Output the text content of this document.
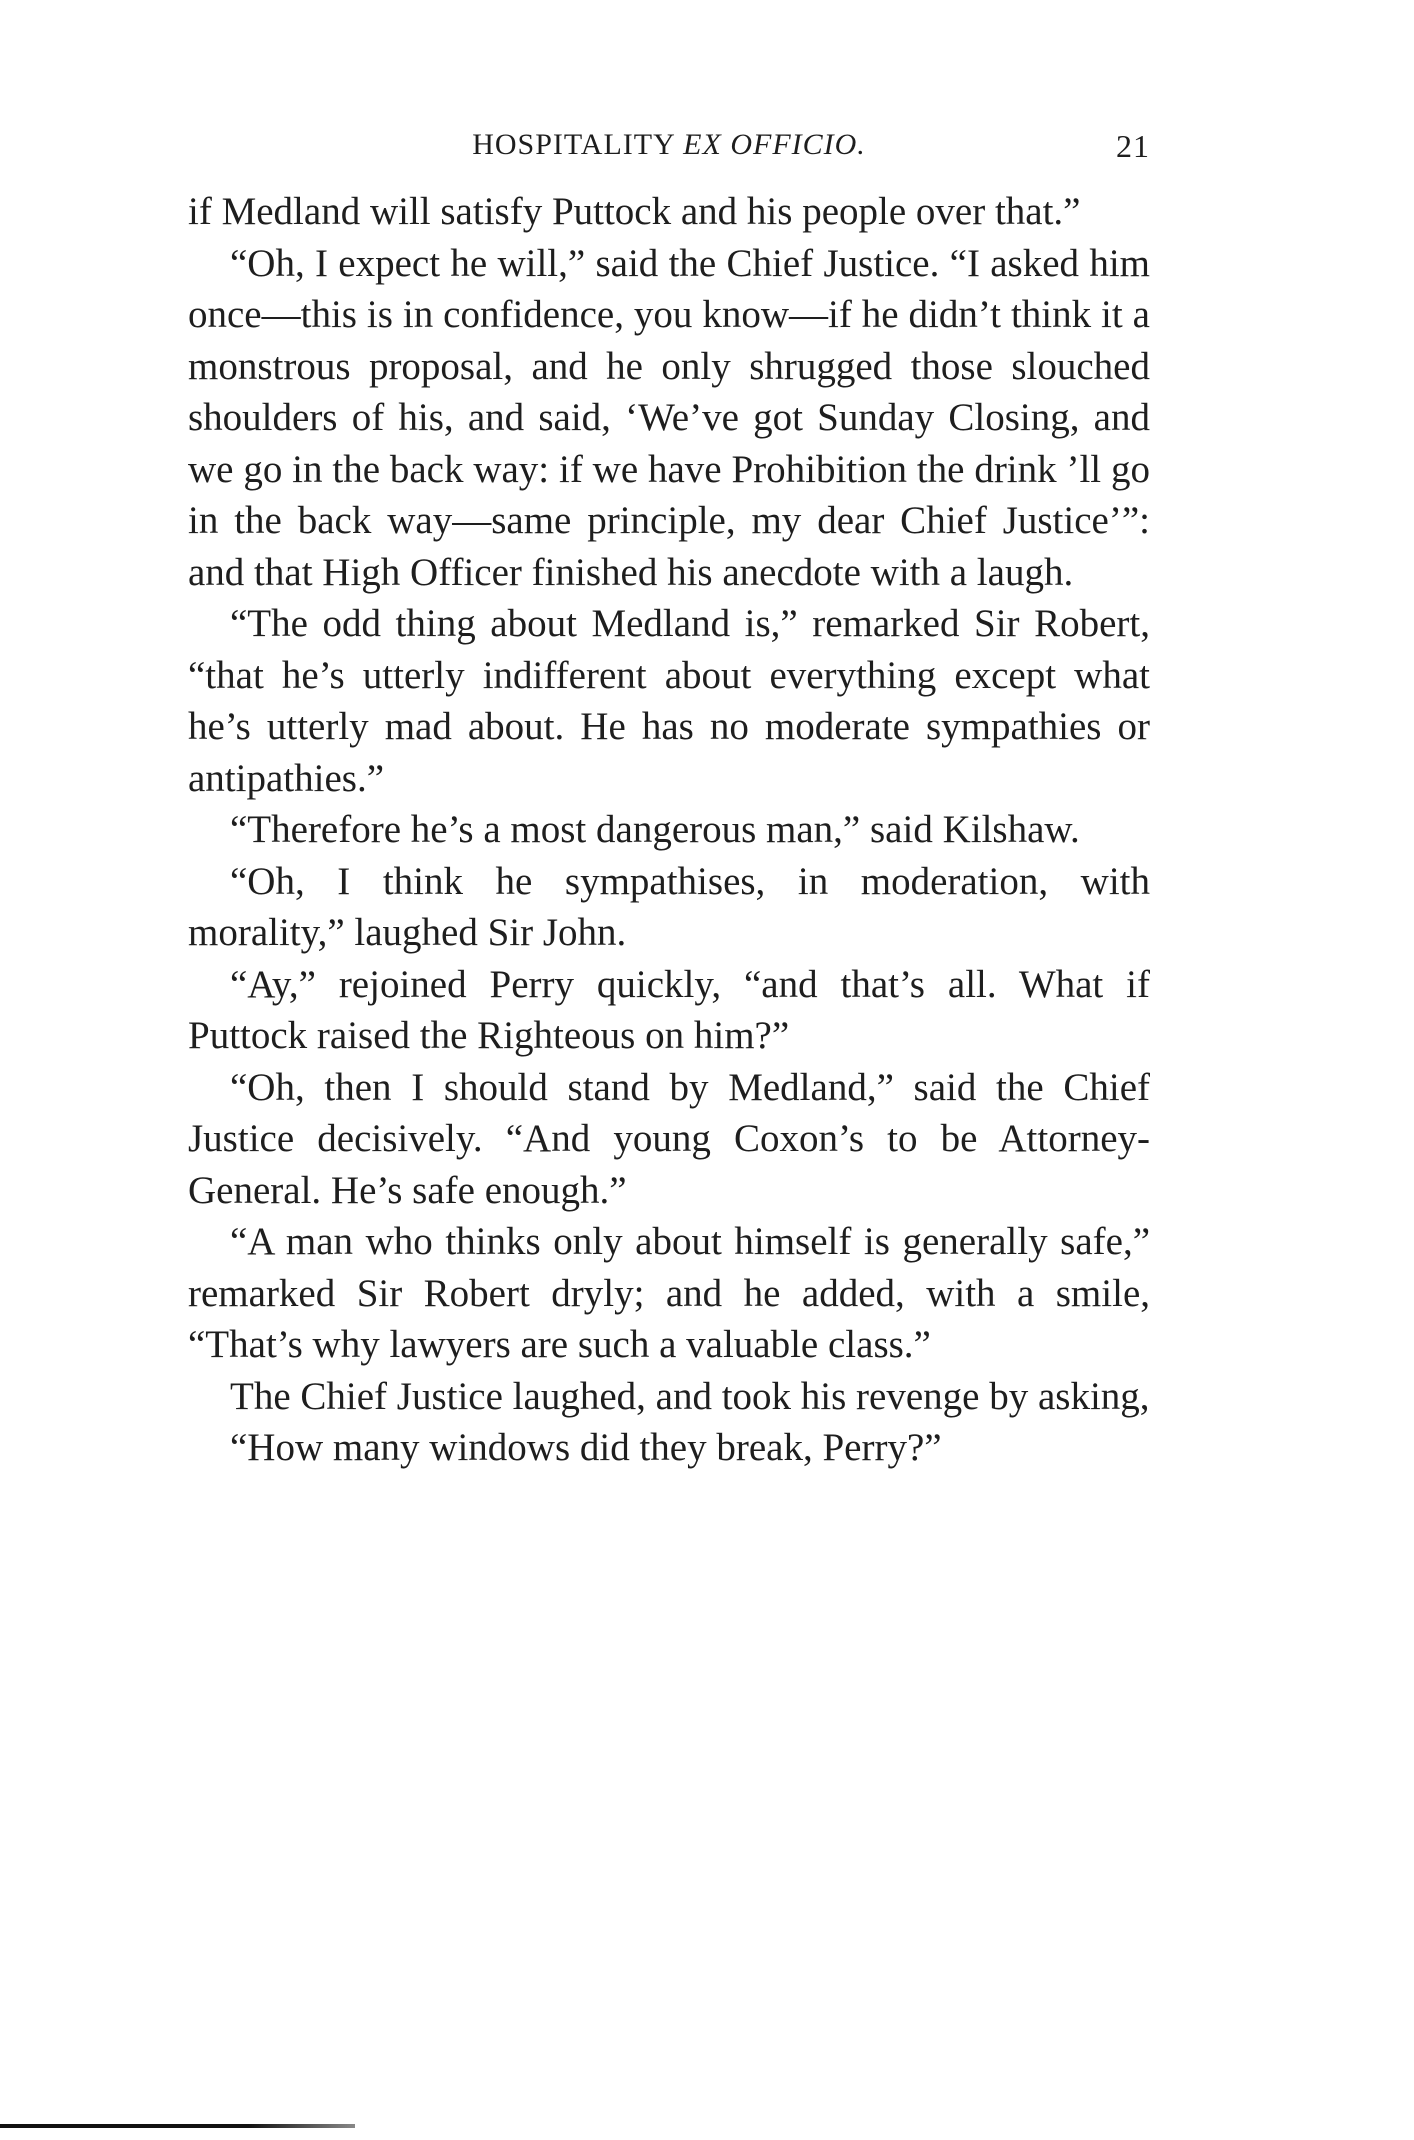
HOSPITALITY EX OFFICIO.	21

if Medland will satisfy Puttock and his people over that.”

“Oh, I expect he will,” said the Chief Justice. “I asked him once—this is in confidence, you know—if he didn’t think it a monstrous proposal, and he only shrugged those slouched shoulders of his, and said, ‘We’ve got Sunday Closing, and we go in the back way: if we have Prohibition the drink ’ll go in the back way—same principle, my dear Chief Justice’”: and that High Officer finished his anecdote with a laugh.

“The odd thing about Medland is,” remarked Sir Robert, “that he’s utterly indifferent about everything except what he’s utterly mad about. He has no moderate sympathies or antipathies.”

“Therefore he’s a most dangerous man,” said Kilshaw.

“Oh, I think he sympathises, in moderation, with morality,” laughed Sir John.

“Ay,” rejoined Perry quickly, “and that’s all. What if Puttock raised the Righteous on him?”

“Oh, then I should stand by Medland,” said the Chief Justice decisively. “And young Coxon’s to be Attorney-General. He’s safe enough.”

“A man who thinks only about himself is generally safe,” remarked Sir Robert dryly; and he added, with a smile, “That’s why lawyers are such a valuable class.”

The Chief Justice laughed, and took his revenge by asking,

“How many windows did they break, Perry?”
